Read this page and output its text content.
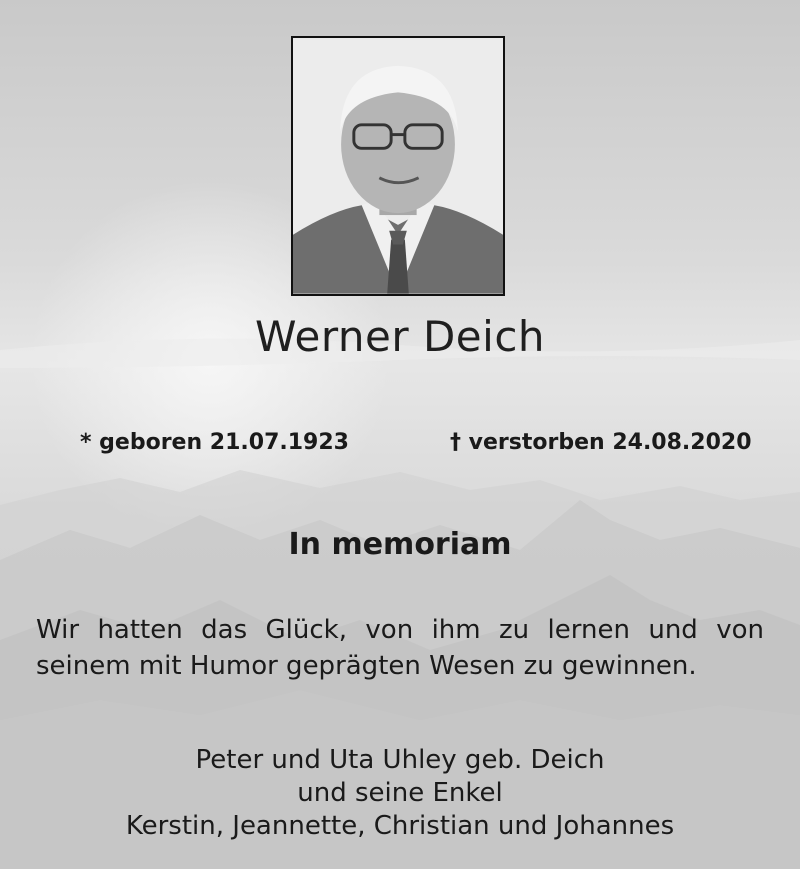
Werner Deich
* geboren 21.07.1923	† verstorben 24.08.2020
In memoriam
Wir hatten das Glück, von ihm zu lernen und von
seinem mit Humor geprägten Wesen zu gewinnen.
Peter und Uta Uhley geb. Deich
und seine Enkel
Kerstin, Jeannette, Christian und Johannes
